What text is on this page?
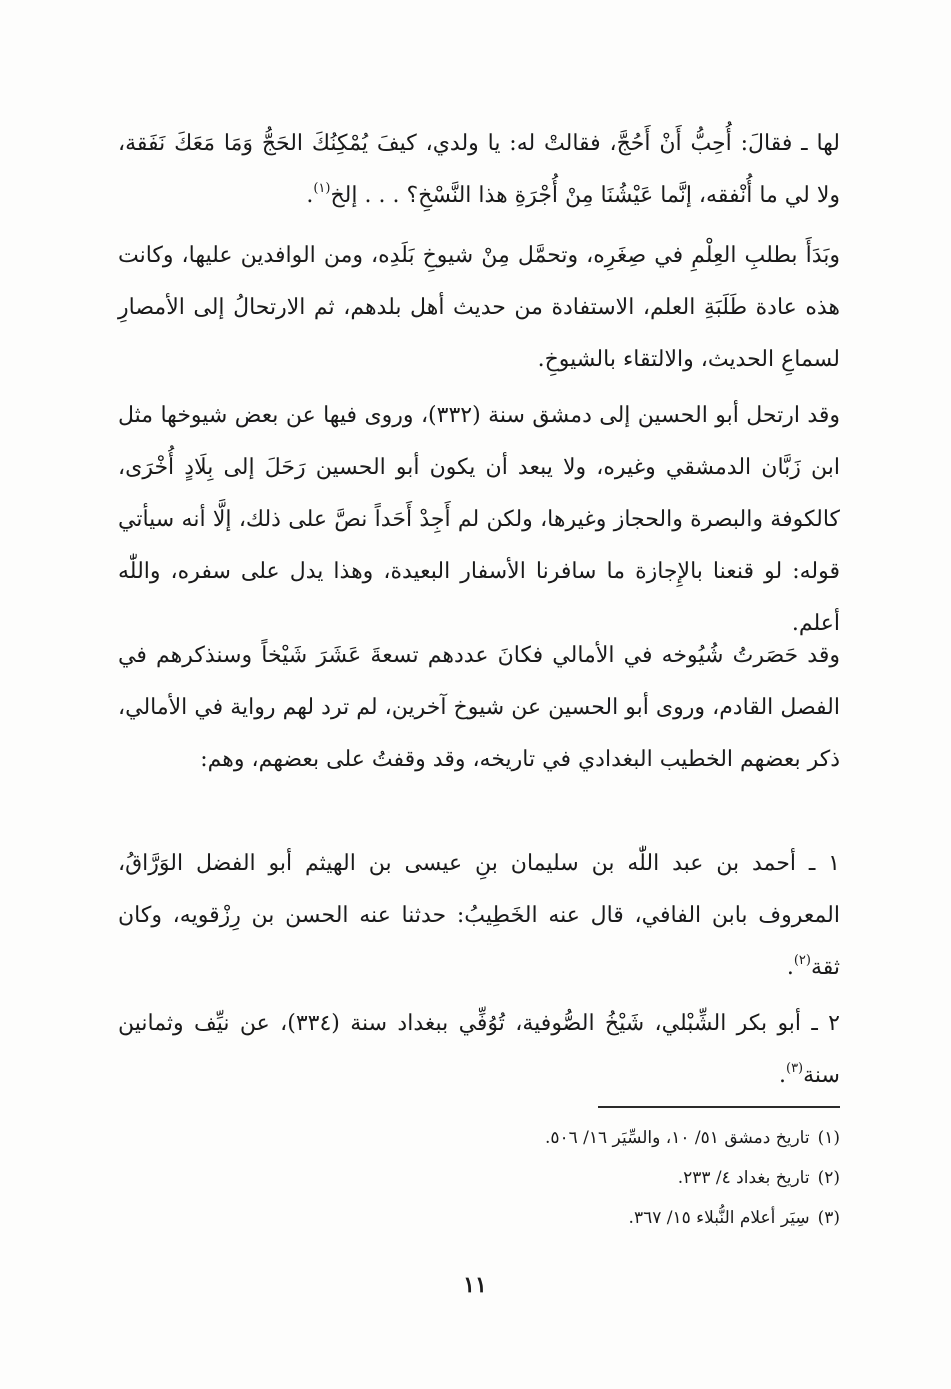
لها ـ فقالَ: أُحِبُّ أَنْ أَحُجَّ، فقالتْ له: يا ولدي، كيفَ يُمْكِنُكَ الحَجُّ وَمَا مَعَكَ نَفَقة، ولا لي ما أُنْفقه، إنَّما عَيْشُنَا مِنْ أُجْرَةِ هذا النَّسْخِ؟ . . . إلخ$^{(١)}$.

وبَدَأَ بطلبِ العِلْمِ في صِغَرِه، وتحمَّل مِنْ شيوخِ بَلَدِه، ومن الوافدين عليها، وكانت هذه عادة طَلَبَةِ العلم، الاستفادة من حديث أهل بلدهم، ثم الارتحالُ إلى الأمصارِ لسماعِ الحديث، والالتقاء بالشيوخِ.

وقد ارتحل أبو الحسين إلى دمشق سنة (٣٣٢)، وروى فيها عن بعض شيوخها مثل ابن زَبَّان الدمشقي وغيره، ولا يبعد أن يكون أبو الحسين رَحَلَ إلى بِلَادٍ أُخْرَى، كالكوفة والبصرة والحجاز وغيرها، ولكن لم أَجِدْ أَحَداً نصَّ على ذلك، إلَّا أنه سيأتي قوله: لو قنعنا بالإِجازة ما سافرنا الأسفار البعيدة، وهذا يدل على سفره، واللّٰه أعلم.

وقد حَصَرتُ شُيُوخه في الأمالي فكانَ عددهم تسعةَ عَشَرَ شَيْخاً وسنذكرهم في الفصل القادم، وروى أبو الحسين عن شيوخ آخرين، لم ترد لهم رواية في الأمالي، ذكر بعضهم الخطيب البغدادي في تاريخه، وقد وقفتُ على بعضهم، وهم:

١ ـ أحمد بن عبد اللّٰه بن سليمان بنِ عيسى بن الهيثم أبو الفضل الوَرَّاقُ، المعروف بابن الفافي، قال عنه الخَطِيبُ: حدثنا عنه الحسن بن رِزْقويه، وكان ثقة$^{(٢)}$.

٢ ـ أبو بكر الشِّبْلي، شَيْخُ الصُّوفية، تُوُفِّي ببغداد سنة (٣٣٤)، عن نيِّف وثمانين سنة$^{(٣)}$.

(١)تاريخ دمشق ٥١/ ١٠، والسِّيَر ١٦/ ٥٠٦.
(٢)تاريخ بغداد ٤/ ٢٣٣.
(٣)سِيَر أعلام النُّبلاء ١٥/ ٣٦٧.
١١
